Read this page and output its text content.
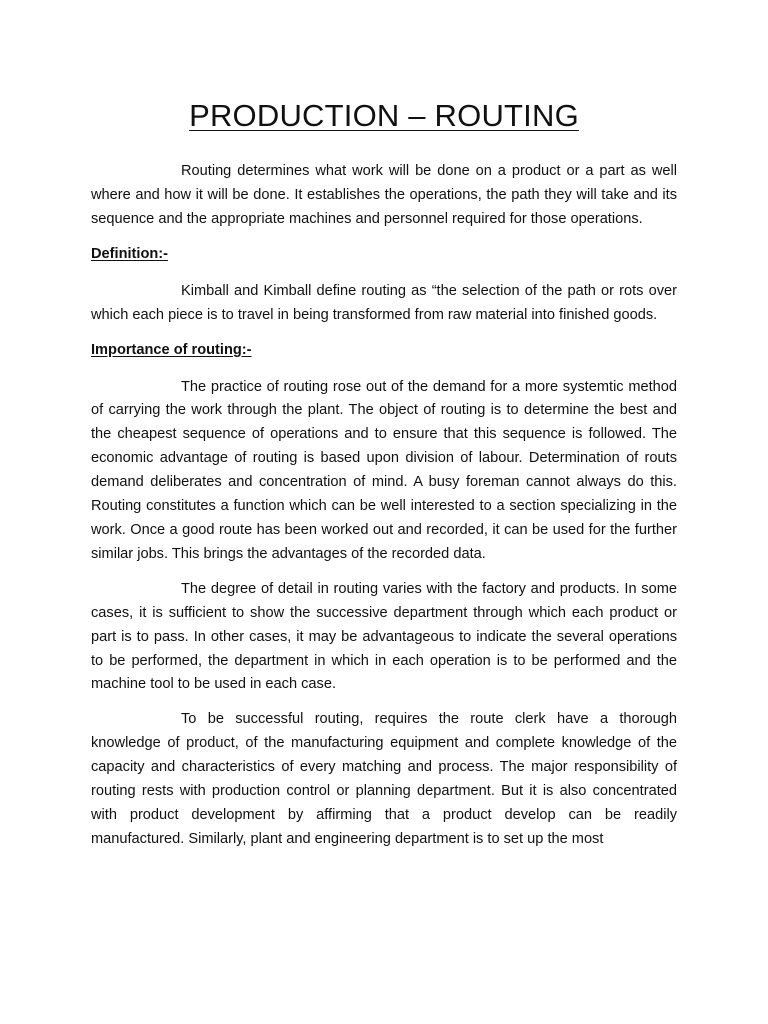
PRODUCTION – ROUTING

Routing determines what work will be done on a product or a part as well where and how it will be done. It establishes the operations, the path they will take and its sequence and the appropriate machines and personnel required for those operations.

Definition:-

Kimball and Kimball define routing as “the selection of the path or rots over which each piece is to travel in being transformed from raw material into finished goods.

Importance of routing:-

The practice of routing rose out of the demand for a more systemtic method of carrying the work through the plant. The object of routing is to determine the best and the cheapest sequence of operations and to ensure that this sequence is followed. The economic advantage of routing is based upon division of labour. Determination of routs demand deliberates and concentration of mind. A busy foreman cannot always do this. Routing constitutes a function which can be well interested to a section specializing in the work. Once a good route has been worked out and recorded, it can be used for the further similar jobs. This brings the advantages of the recorded data.

The degree of detail in routing varies with the factory and products. In some cases, it is sufficient to show the successive department through which each product or part is to pass. In other cases, it may be advantageous to indicate the several operations to be performed, the department in which in each operation is to be performed and the machine tool to be used in each case.

To be successful routing, requires the route clerk have a thorough knowledge of product, of the manufacturing equipment and complete knowledge of the capacity and characteristics of every matching and process. The major responsibility of routing rests with production control or planning department. But it is also concentrated with product development by affirming that a product develop can be readily manufactured. Similarly, plant and engineering department is to set up the most
